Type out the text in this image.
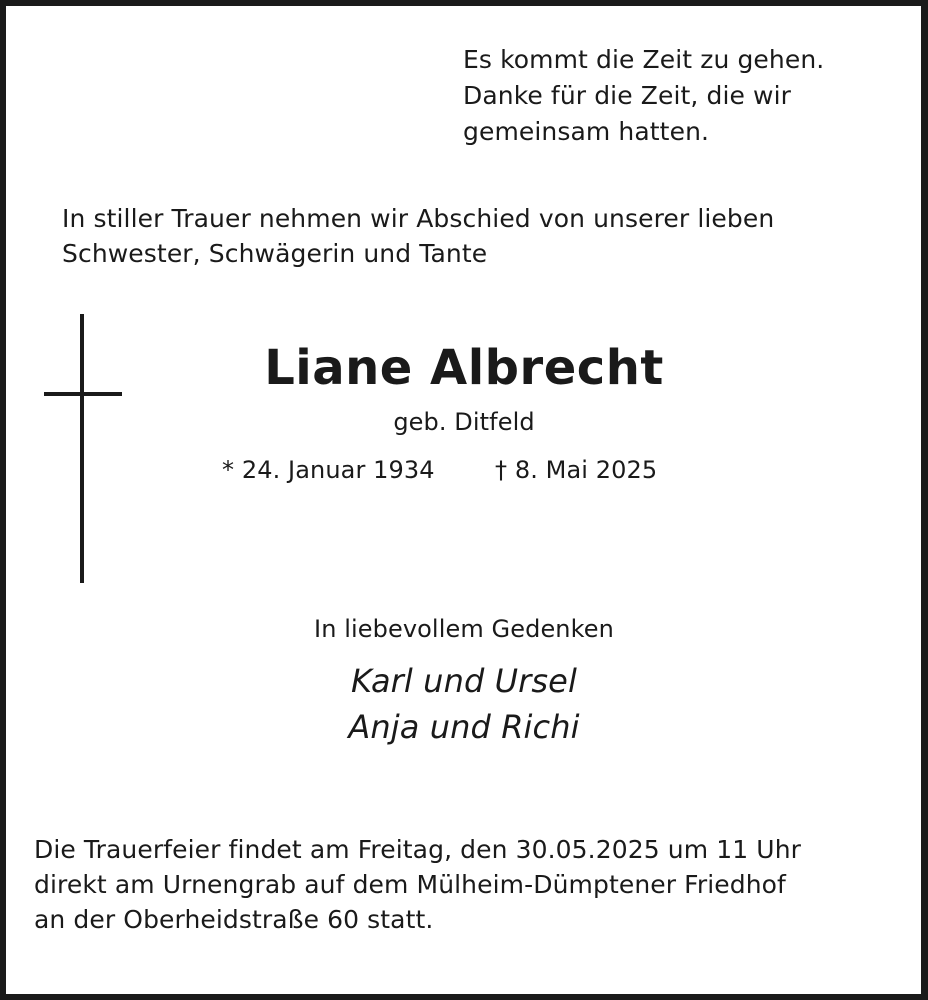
Es kommt die Zeit zu gehen.
Danke für die Zeit, die wir
gemeinsam hatten.

In stiller Trauer nehmen wir Abschied von unserer lieben
Schwester, Schwägerin und Tante

Liane Albrecht

geb. Ditfeld

* 24. Januar 1934	† 8. Mai 2025

In liebevollem Gedenken

Karl und Ursel
Anja und Richi

Die Trauerfeier findet am Freitag, den 30.05.2025 um 11 Uhr
direkt am Urnengrab auf dem Mülheim-Dümptener Friedhof
an der Oberheidstraße 60 statt.
